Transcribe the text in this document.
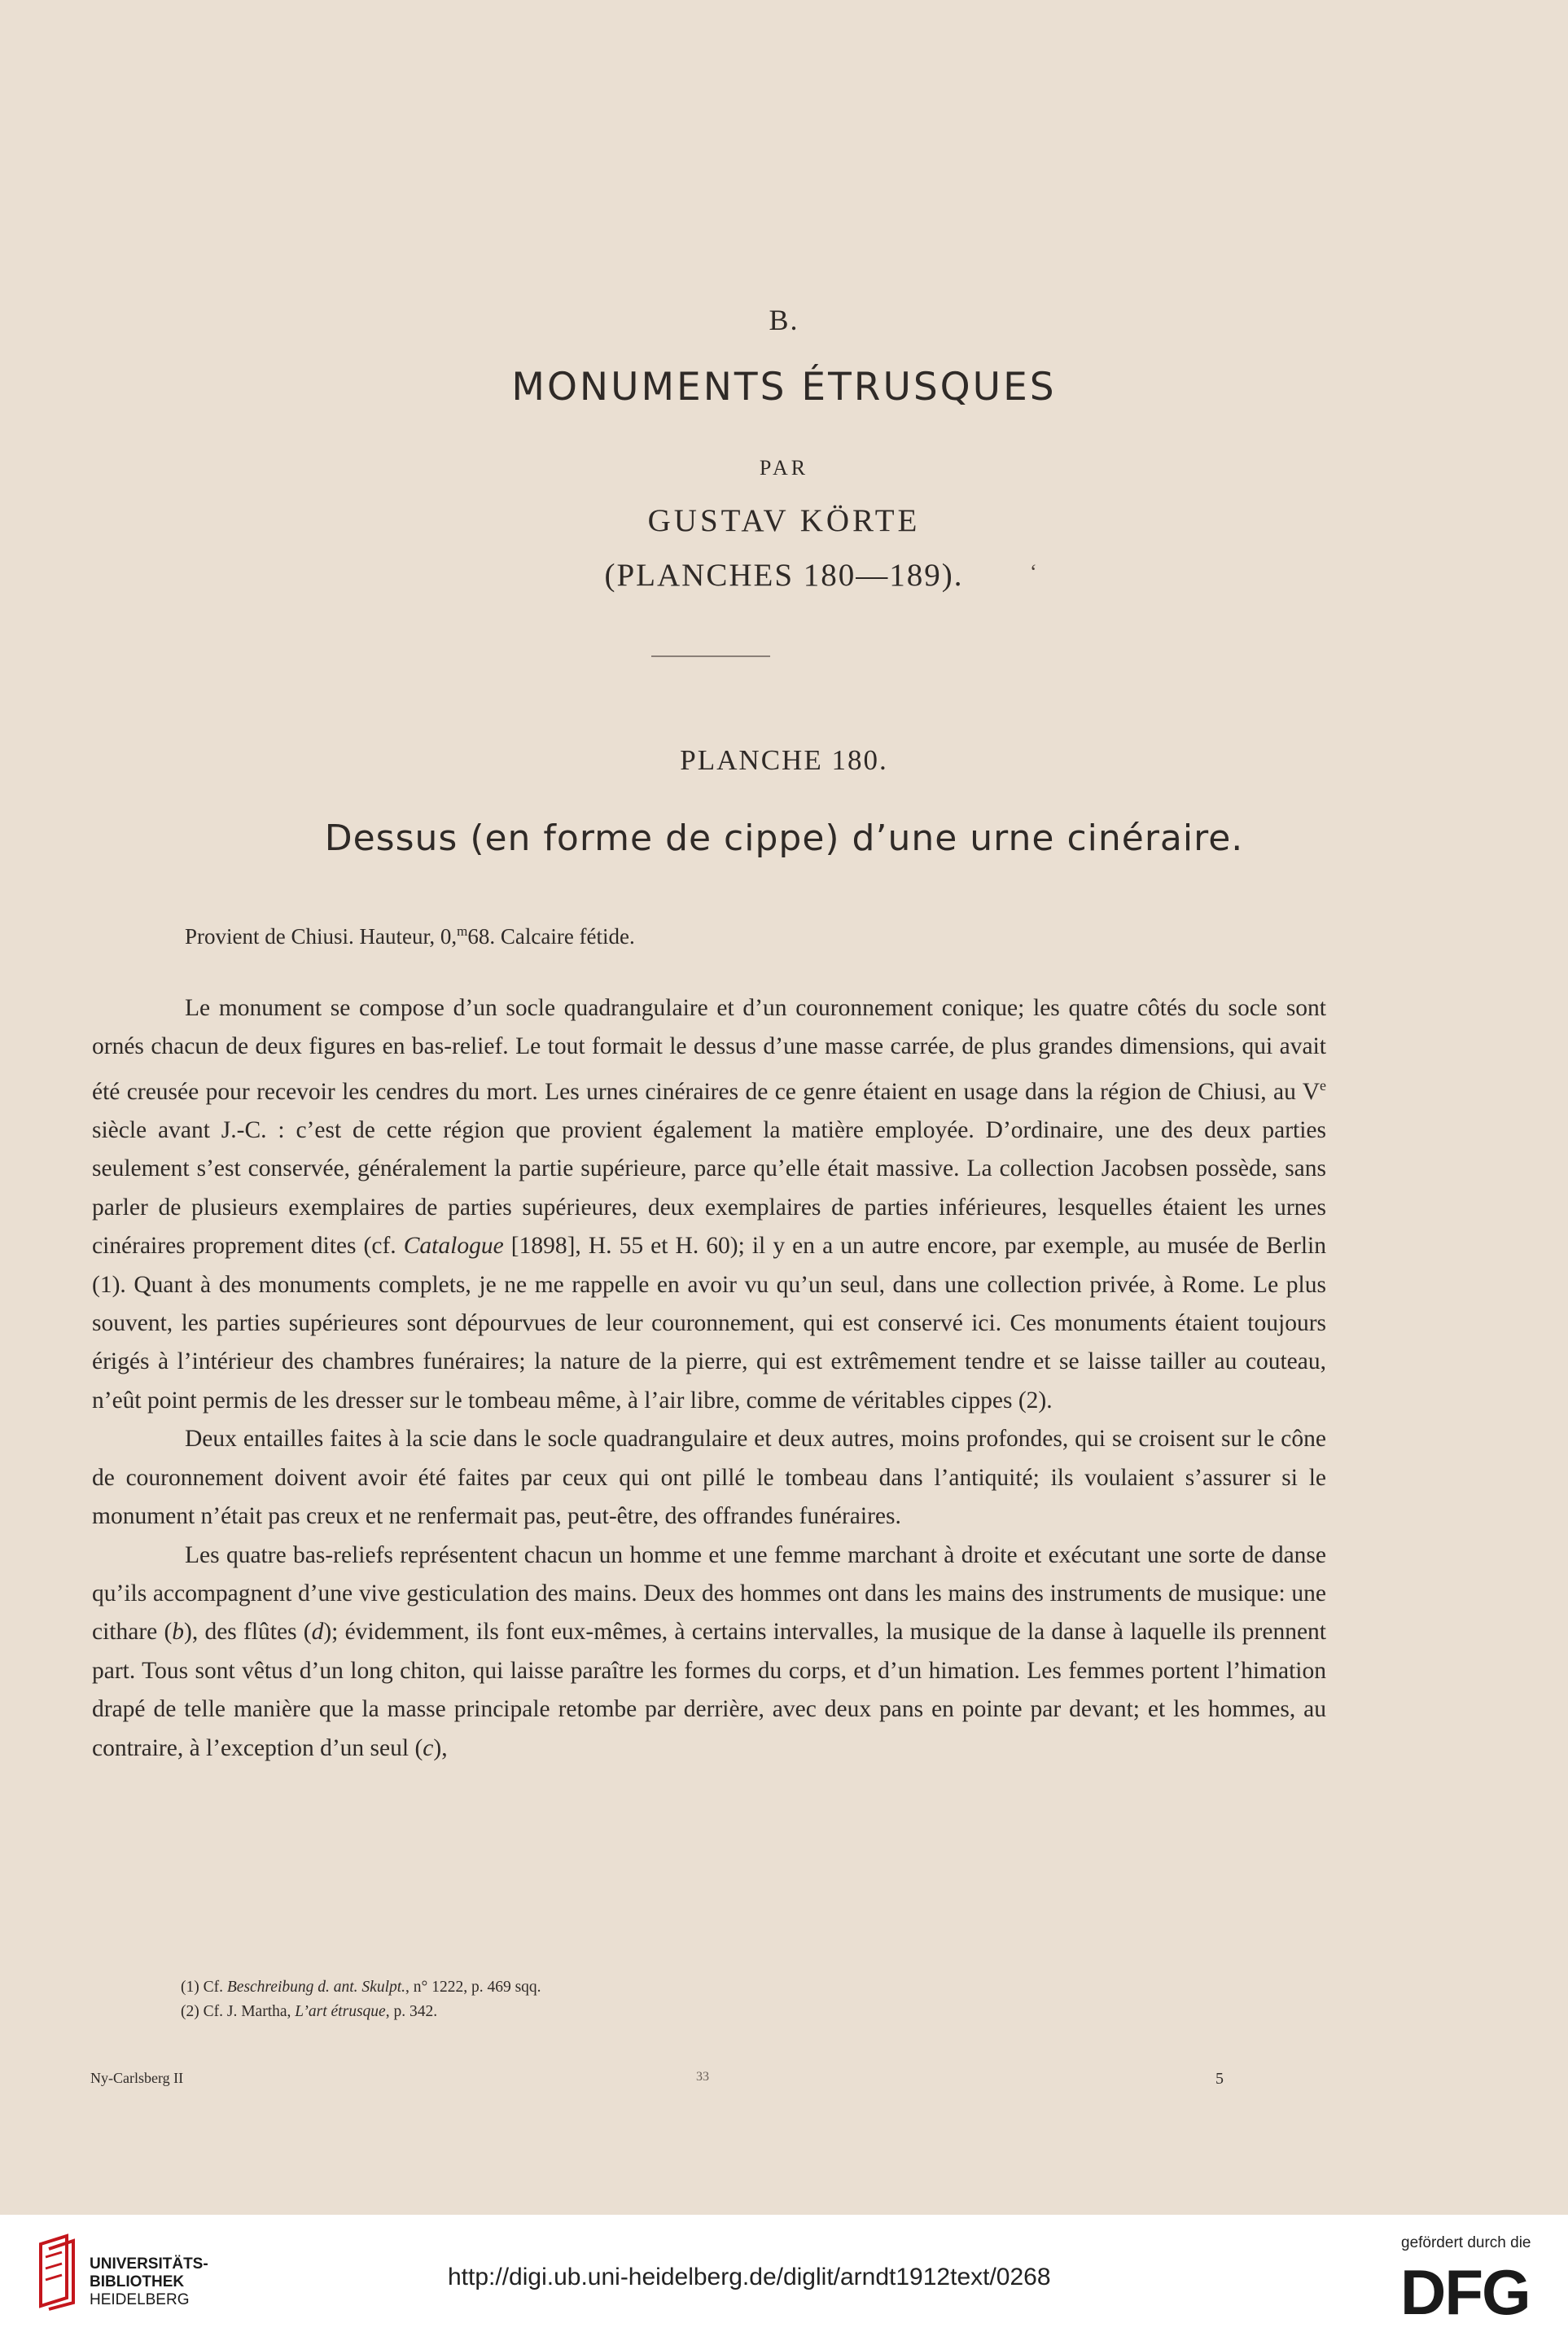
B.
MONUMENTS ÉTRUSQUES
PAR
GUSTAV KÖRTE
(PLANCHES 180—189).	‘
PLANCHE 180.
Dessus (en forme de cippe) d’une urne cinéraire.
Provient de Chiusi. Hauteur, 0,$^m$68. Calcaire fétide.

Le monument se compose d’un socle quadrangulaire et d’un couronnement conique; les quatre côtés du socle sont ornés chacun de deux figures en bas-relief. Le tout formait le dessus d’une masse carrée, de plus grandes dimensions, qui avait été creusée pour recevoir les cendres du mort. Les urnes cinéraires de ce genre étaient en usage dans la région de Chiusi, au Ve siècle avant J.-C. : c’est de cette région que provient également la matière employée. D’ordinaire, une des deux parties seulement s’est conservée, généralement la partie supérieure, parce qu’elle était massive. La collection Jacobsen possède, sans parler de plusieurs exemplaires de parties supérieures, deux exemplaires de parties inférieures, lesquelles étaient les urnes cinéraires proprement dites (cf. Catalogue [1898], H. 55 et H. 60); il y en a un autre encore, par exemple, au musée de Berlin (1). Quant à des monuments complets, je ne me rappelle en avoir vu qu’un seul, dans une collection privée, à Rome. Le plus souvent, les parties supérieures sont dépourvues de leur couronnement, qui est conservé ici. Ces monuments étaient toujours érigés à l’intérieur des chambres funéraires; la nature de la pierre, qui est extrêmement tendre et se laisse tailler au couteau, n’eût point permis de les dresser sur le tombeau même, à l’air libre, comme de véritables cippes (2).

Deux entailles faites à la scie dans le socle quadrangulaire et deux autres, moins profondes, qui se croisent sur le cône de couronnement doivent avoir été faites par ceux qui ont pillé le tombeau dans l’antiquité; ils voulaient s’assurer si le monument n’était pas creux et ne renfermait pas, peut-être, des offrandes funéraires.

Les quatre bas-reliefs représentent chacun un homme et une femme marchant à droite et exécutant une sorte de danse qu’ils accompagnent d’une vive gesticulation des mains. Deux des hommes ont dans les mains des instruments de musique: une cithare (b), des flûtes (d); évidemment, ils font eux-mêmes, à certains intervalles, la musique de la danse à laquelle ils prennent part. Tous sont vêtus d’un long chiton, qui laisse paraître les formes du corps, et d’un himation. Les femmes portent l’himation drapé de telle manière que la masse principale retombe par derrière, avec deux pans en pointe par devant; et les hommes, au contraire, à l’exception d’un seul (c),

(1) Cf. Beschreibung d. ant. Skulpt., n° 1222, p. 469 sqq.
(2) Cf. J. Martha, L’art étrusque, p. 342.
Ny-Carlsberg II	33	5
UNIVERSITÄTS-
BIBLIOTHEK
HEIDELBERG
http://digi.ub.uni-heidelberg.de/diglit/arndt1912text/0268
gefördert durch die
DFG
